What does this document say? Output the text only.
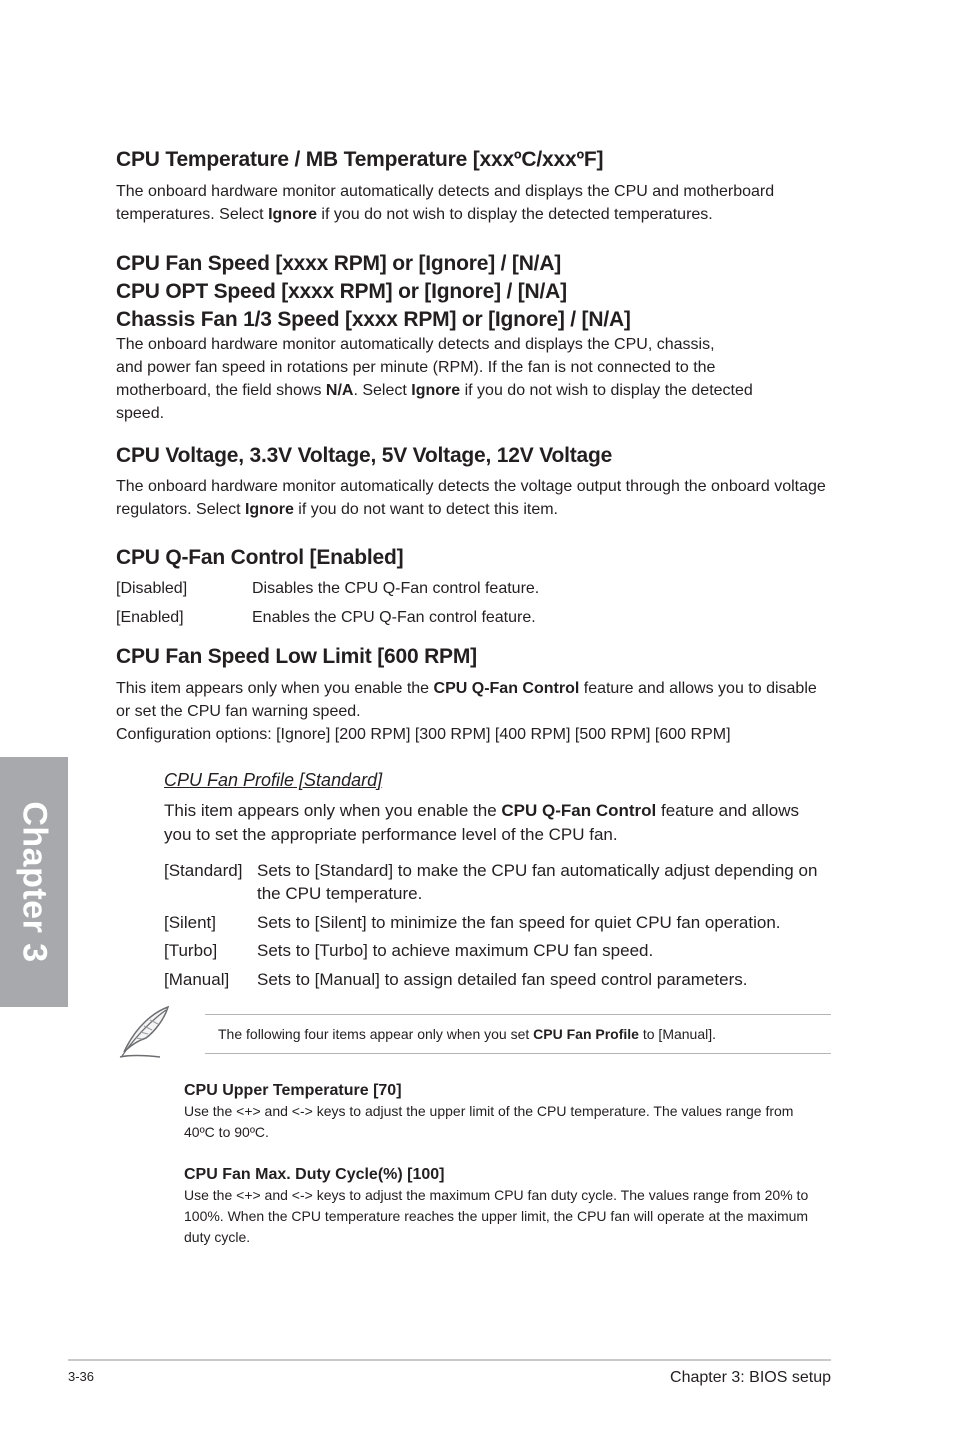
CPU Temperature / MB Temperature [xxxºC/xxxºF]

The onboard hardware monitor automatically detects and displays the CPU and motherboard temperatures. Select Ignore if you do not wish to display the detected temperatures.

CPU Fan Speed [xxxx RPM] or [Ignore] / [N/A]
CPU OPT Speed [xxxx RPM] or [Ignore] / [N/A]
Chassis Fan 1/3 Speed [xxxx RPM] or [Ignore] / [N/A]

The onboard hardware monitor automatically detects and displays the CPU, chassis,

and power fan speed in rotations per minute (RPM). If the fan is not connected to the

motherboard, the field shows N/A. Select Ignore if you do not wish to display the detected

speed.

CPU Voltage, 3.3V Voltage, 5V Voltage, 12V Voltage

The onboard hardware monitor automatically detects the voltage output through the onboard voltage regulators. Select Ignore if you do not want to detect this item.

CPU Q-Fan Control [Enabled]
[Disabled]	Disables the CPU Q-Fan control feature.
[Enabled]	Enables the CPU Q-Fan control feature.
CPU Fan Speed Low Limit [600 RPM]

This item appears only when you enable the CPU Q-Fan Control feature and allows you to disable or set the CPU fan warning speed.

Configuration options: [Ignore] [200 RPM] [300 RPM] [400 RPM] [500 RPM] [600 RPM]

CPU Fan Profile [Standard]

This item appears only when you enable the CPU Q-Fan Control feature and allows you to set the appropriate performance level of the CPU fan.

[Standard] Sets to [Standard] to make the CPU fan automatically adjust depending on the CPU temperature.
[Silent] Sets to [Silent] to minimize the fan speed for quiet CPU fan operation.
[Turbo] Sets to [Turbo] to achieve maximum CPU fan speed.
[Manual] Sets to [Manual] to assign detailed fan speed control parameters.

The following four items appear only when you set CPU Fan Profile to [Manual].

CPU Upper Temperature [70]

Use the <+> and <-> keys to adjust the upper limit of the CPU temperature. The values range from 40ºC to 90ºC.

CPU Fan Max. Duty Cycle(%) [100]

Use the <+> and <-> keys to adjust the maximum CPU fan duty cycle. The values range from 20% to 100%. When the CPU temperature reaches the upper limit, the CPU fan will operate at the maximum duty cycle.

Chapter 3
3-36	Chapter 3: BIOS setup
